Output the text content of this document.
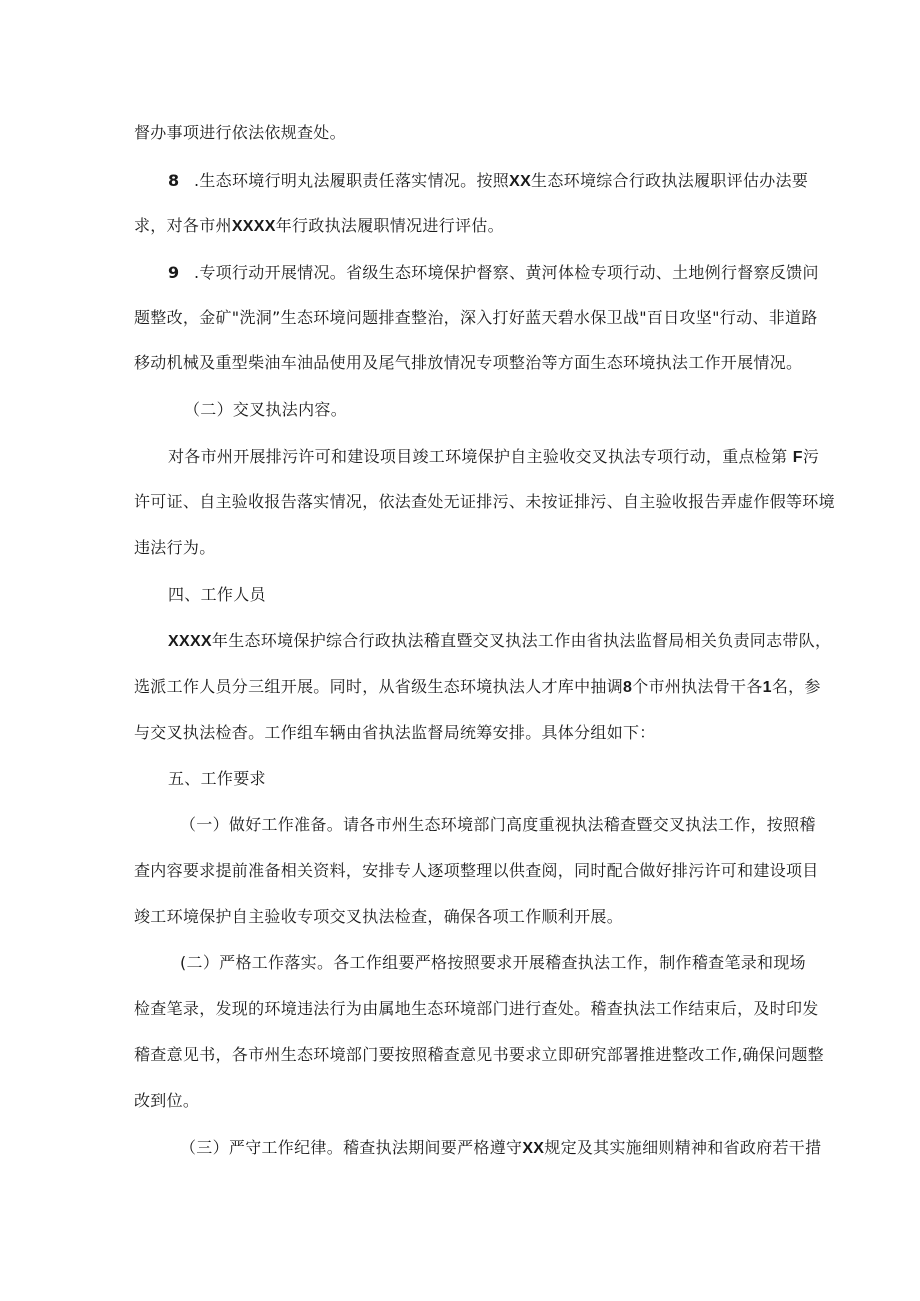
督办事项进行依法依规查处。

8 .生态环境行明丸法履职责任落实情况。按照XX生态环境综合行政执法履职评估办法要

求，对各市州XXXX年行政执法履职情况进行评估。

9 .专项行动开展情况。省级生态环境保护督察、黄河体检专项行动、土地例行督察反馈问

题整改，金矿"洗洞”生态环境问题排查整治，深入打好蓝天碧水保卫战"百日攻坚"行动、非道路

移动机械及重型柴油车油品使用及尾气排放情况专项整治等方面生态环境执法工作开展情况。

（二）交叉执法内容。

对各市州开展排污许可和建设项目竣工环境保护自主验收交叉执法专项行动，重点检第 F污

许可证、自主验收报告落实情况，依法查处无证排污、未按证排污、自主验收报告弄虚作假等环境

违法行为。

四、工作人员

XXXX年生态环境保护综合行政执法稽直暨交叉执法工作由省执法监督局相关负责同志带队，

选派工作人员分三组开展。同时，从省级生态环境执法人才库中抽调8个市州执法骨干各1名，参

与交叉执法检杳。工作组车辆由省执法监督局统筹安排。具体分组如下：

五、工作要求

（一）做好工作准备。请各市州生态环境部门高度重视执法稽查暨交叉执法工作，按照稽

查内容要求提前准备相关资料，安排专人逐项整理以供查阅，同时配合做好排污许可和建设项目

竣工环境保护自主验收专项交叉执法检查，确保各项工作顺利开展。

(二）严格工作落实。各工作组要严格按照要求开展稽查执法工作，制作稽查笔录和现场

检查笔录，发现的环境违法行为由属地生态环境部门进行查处。稽查执法工作结束后，及时印发

稽查意见书，各市州生态环境部门要按照稽查意见书要求立即研究部署推进整改工作,确保问题整

改到位。

（三）严守工作纪律。稽查执法期间要严格遵守XX规定及其实施细则精神和省政府若干措
